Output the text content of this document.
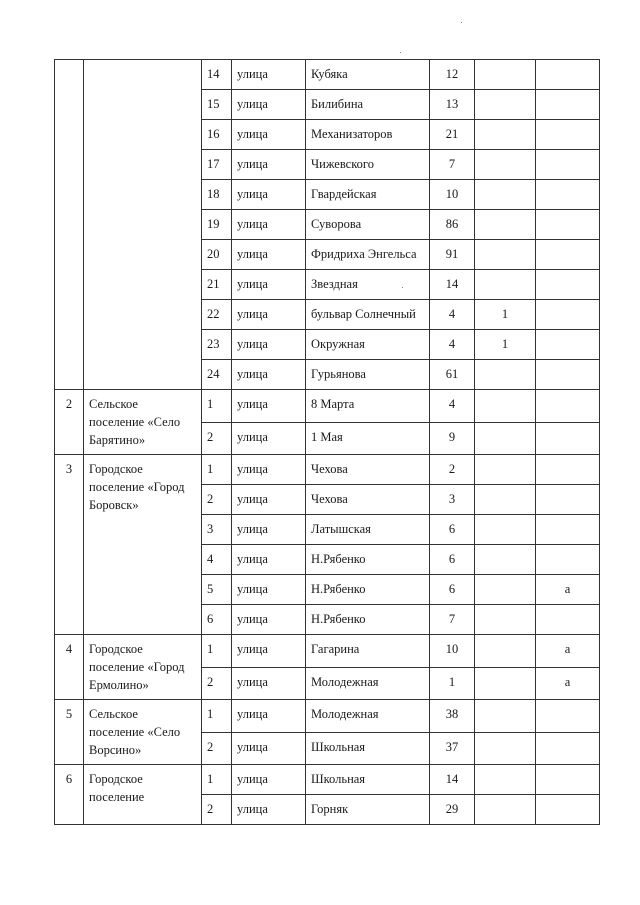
		14	улица	Кубяка	12		
		15	улица	Билибина	13		
		16	улица	Механизаторов	21		
		17	улица	Чижевского	7		
		18	улица	Гвардейская	10		
		19	улица	Суворова	86		
		20	улица	Фридриха Энгельса	91		
		21	улица	Звездная	14		
		22	улица	бульвар Солнечный	4	1	
		23	улица	Окружная	4	1	
		24	улица	Гурьянова	61		
2	Сельское поселение «Село Барятино»	1	улица	8 Марта	4		
		2	улица	1 Мая	9		
3	Городское поселение «Город Боровск»	1	улица	Чехова	2		
		2	улица	Чехова	3		
		3	улица	Латышская	6		
		4	улица	Н.Рябенко	6		
		5	улица	Н.Рябенко	6		а
		6	улица	Н.Рябенко	7		
4	Городское поселение «Город Ермолино»	1	улица	Гагарина	10		а
		2	улица	Молодежная	1		а
5	Сельское поселение «Село Ворсино»	1	улица	Молодежная	38		
		2	улица	Школьная	37		
6	Городское поселение	1	улица	Школьная	14		
		2	улица	Горняк	29		
